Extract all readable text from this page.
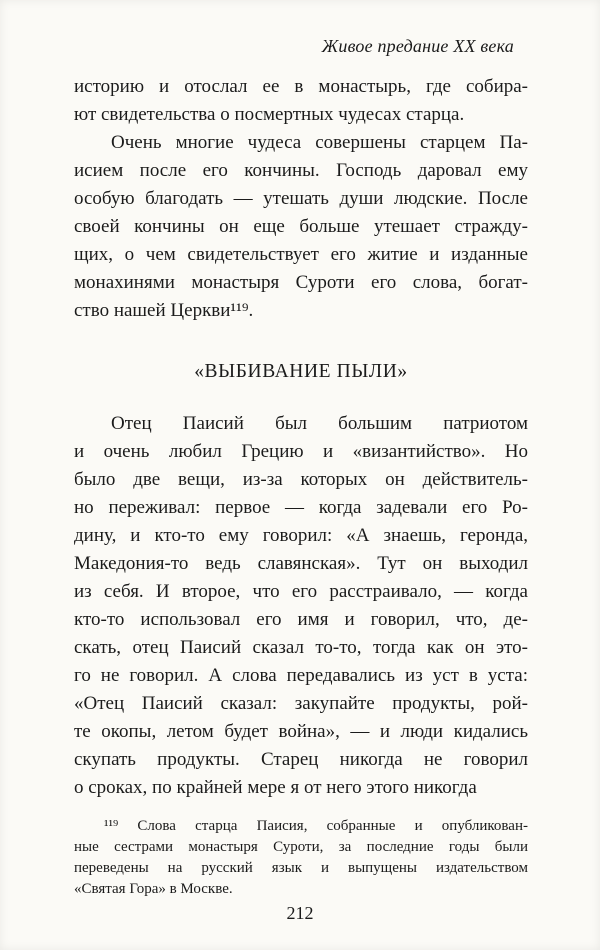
Живое предание XX века
историю и отослал ее в монастырь, где собира-
ют свидетельства о посмертных чудесах старца.
Очень многие чудеса совершены старцем Па-
исием после его кончины. Господь даровал ему
особую благодать — утешать души людские. После
своей кончины он еще больше утешает стражду-
щих, о чем свидетельствует его житие и изданные
монахинями монастыря Суроти его слова, богат-
ство нашей Церкви¹¹⁹.
«ВЫБИВАНИЕ ПЫЛИ»
Отец Паисий был большим патриотом
и очень любил Грецию и «византийство». Но
было две вещи, из-за которых он действитель-
но переживал: первое — когда задевали его Ро-
дину, и кто-то ему говорил: «А знаешь, геронда,
Македония-то ведь славянская». Тут он выходил
из себя. И второе, что его расстраивало, — когда
кто-то использовал его имя и говорил, что, де-
скать, отец Паисий сказал то-то, тогда как он это-
го не говорил. А слова передавались из уст в уста:
«Отец Паисий сказал: закупайте продукты, рой-
те окопы, летом будет война», — и люди кидались
скупать продукты. Старец никогда не говорил
о сроках, по крайней мере я от него этого никогда
¹¹⁹ Слова старца Паисия, собранные и опубликован-
ные сестрами монастыря Суроти, за последние годы были
переведены на русский язык и выпущены издательством
«Святая Гора» в Москве.
212
